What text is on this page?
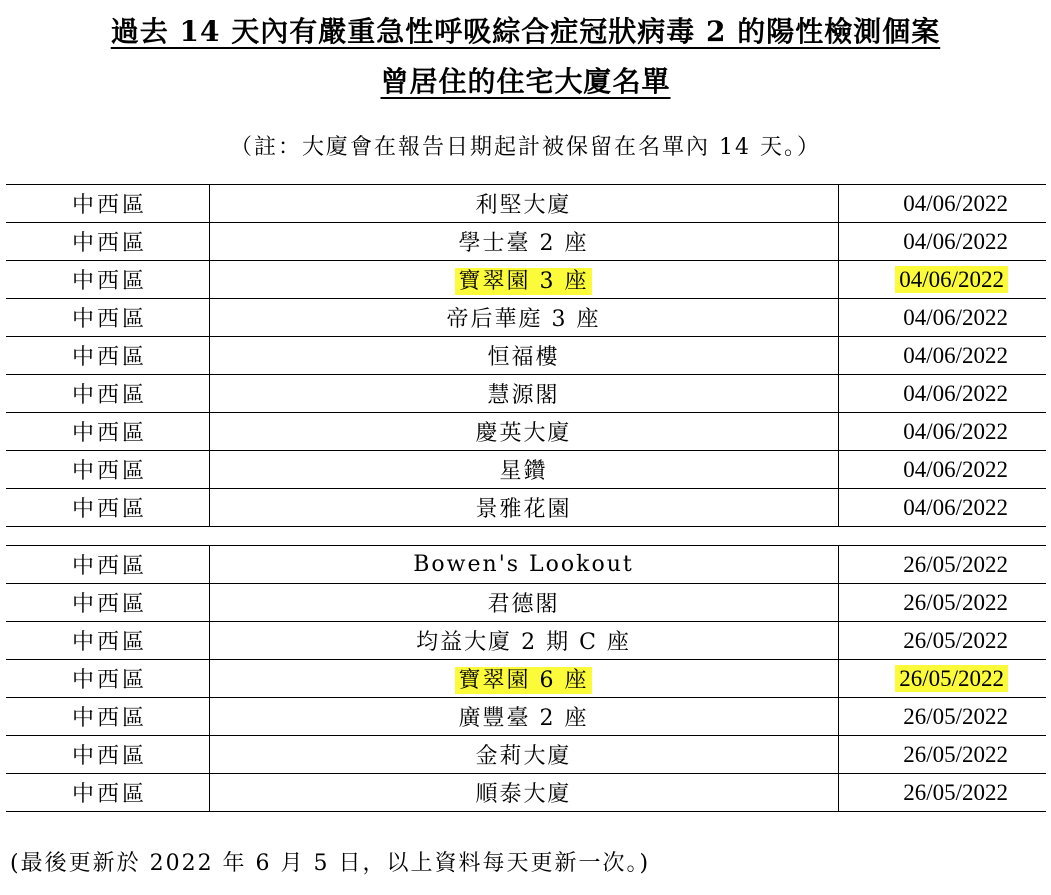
過去 14 天內有嚴重急性呼吸綜合症冠狀病毒 2 的陽性檢測個案
曾居住的住宅大廈名單
（註：大廈會在報告日期起計被保留在名單內 14 天。）
中西區	利堅大廈	04/06/2022
中西區	學士臺 2 座	04/06/2022
中西區	寶翠園 3 座	04/06/2022
中西區	帝后華庭 3 座	04/06/2022
中西區	恒福樓	04/06/2022
中西區	慧源閣	04/06/2022
中西區	慶英大廈	04/06/2022
中西區	星鑽	04/06/2022
中西區	景雅花園	04/06/2022
中西區	Bowen's Lookout	26/05/2022
中西區	君德閣	26/05/2022
中西區	均益大廈 2 期 C 座	26/05/2022
中西區	寶翠園 6 座	26/05/2022
中西區	廣豐臺 2 座	26/05/2022
中西區	金莉大廈	26/05/2022
中西區	順泰大廈	26/05/2022
(最後更新於 2022 年 6 月 5 日，以上資料每天更新一次。)
